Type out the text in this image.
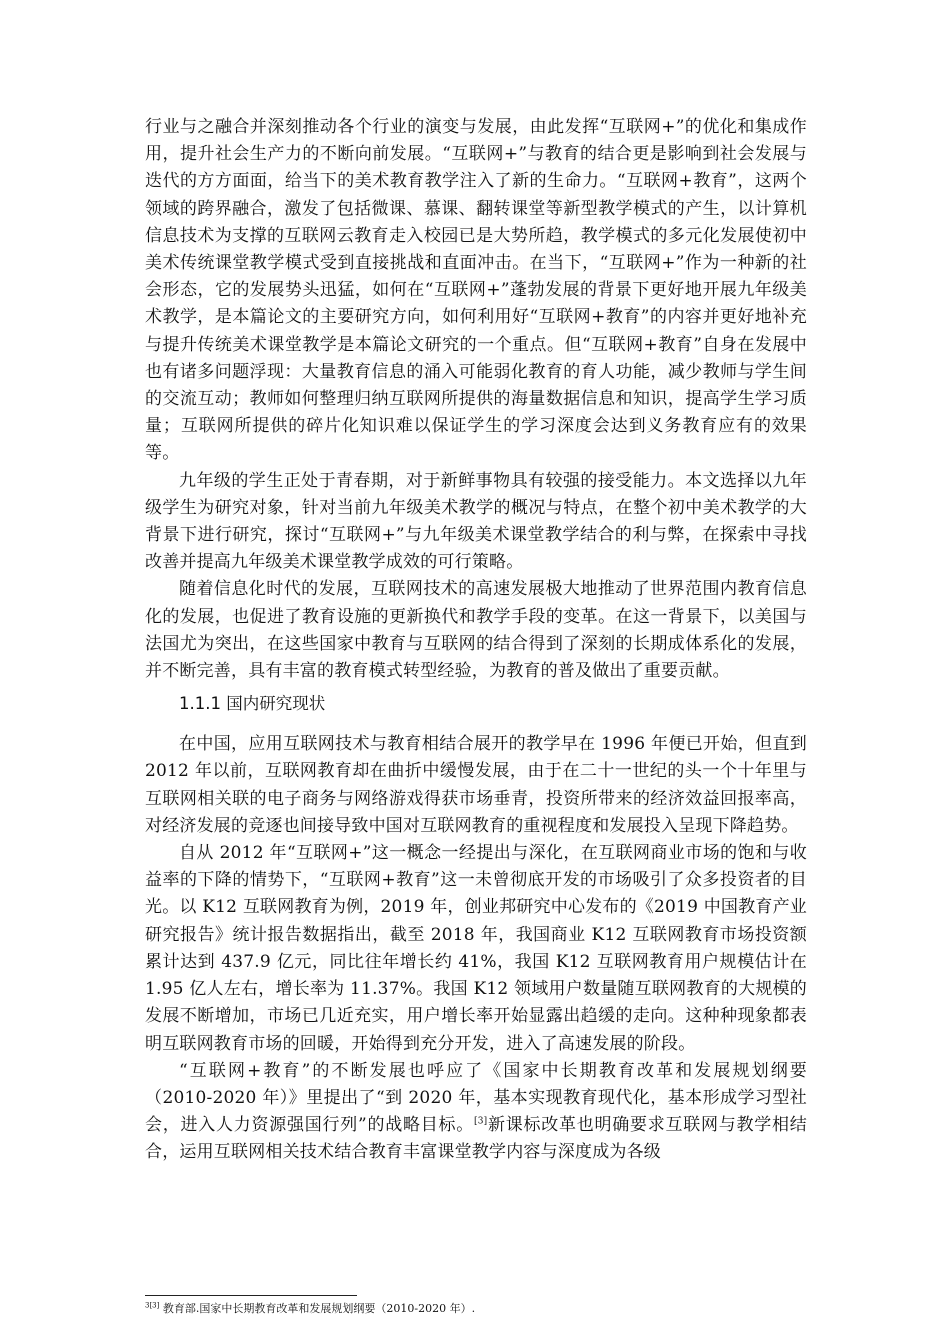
行业与之融合并深刻推动各个行业的演变与发展，由此发挥“互联网+”的优化和集成作用，提升社会生产力的不断向前发展。“互联网+”与教育的结合更是影响到社会发展与迭代的方方面面，给当下的美术教育教学注入了新的生命力。“互联网+教育”，这两个领域的跨界融合，激发了包括微课、慕课、翻转课堂等新型教学模式的产生，以计算机信息技术为支撑的互联网云教育走入校园已是大势所趋，教学模式的多元化发展使初中美术传统课堂教学模式受到直接挑战和直面冲击。在当下，“互联网+”作为一种新的社会形态，它的发展势头迅猛，如何在“互联网+”蓬勃发展的背景下更好地开展九年级美术教学，是本篇论文的主要研究方向，如何利用好“互联网+教育”的内容并更好地补充与提升传统美术课堂教学是本篇论文研究的一个重点。但“互联网+教育”自身在发展中也有诸多问题浮现：大量教育信息的涌入可能弱化教育的育人功能，减少教师与学生间的交流互动；教师如何整理归纳互联网所提供的海量数据信息和知识，提高学生学习质量；互联网所提供的碎片化知识难以保证学生的学习深度会达到义务教育应有的效果等。

九年级的学生正处于青春期，对于新鲜事物具有较强的接受能力。本文选择以九年级学生为研究对象，针对当前九年级美术教学的概况与特点，在整个初中美术教学的大背景下进行研究，探讨“互联网+”与九年级美术课堂教学结合的利与弊，在探索中寻找改善并提高九年级美术课堂教学成效的可行策略。

随着信息化时代的发展，互联网技术的高速发展极大地推动了世界范围内教育信息化的发展，也促进了教育设施的更新换代和教学手段的变革。在这一背景下，以美国与法国尤为突出，在这些国家中教育与互联网的结合得到了深刻的长期成体系化的发展，并不断完善，具有丰富的教育模式转型经验，为教育的普及做出了重要贡献。

1.1.1 国内研究现状

在中国，应用互联网技术与教育相结合展开的教学早在 1996 年便已开始，但直到 2012 年以前，互联网教育却在曲折中缓慢发展，由于在二十一世纪的头一个十年里与互联网相关联的电子商务与网络游戏得获市场垂青，投资所带来的经济效益回报率高，对经济发展的竞逐也间接导致中国对互联网教育的重视程度和发展投入呈现下降趋势。

自从 2012 年“互联网+”这一概念一经提出与深化，在互联网商业市场的饱和与收益率的下降的情势下，“互联网+教育”这一未曾彻底开发的市场吸引了众多投资者的目光。以 K12 互联网教育为例，2019 年，创业邦研究中心发布的《2019 中国教育产业研究报告》统计报告数据指出，截至 2018 年，我国商业 K12 互联网教育市场投资额累计达到 437.9 亿元，同比往年增长约 41%，我国 K12 互联网教育用户规模估计在 1.95 亿人左右，增长率为 11.37%。我国 K12 领域用户数量随互联网教育的大规模的发展不断增加，市场已几近充实，用户增长率开始显露出趋缓的走向。这种种现象都表明互联网教育市场的回暖，开始得到充分开发，进入了高速发展的阶段。

“互联网+教育”的不断发展也呼应了《国家中长期教育改革和发展规划纲要（2010-2020 年）》里提出了“到 2020 年，基本实现教育现代化，基本形成学习型社会，进入人力资源强国行列”的战略目标。[3]新课标改革也明确要求互联网与教学相结合，运用互联网相关技术结合教育丰富课堂教学内容与深度成为各级

$^{3[3]}$ 教育部.国家中长期教育改革和发展规划纲要（2010-2020 年）.
